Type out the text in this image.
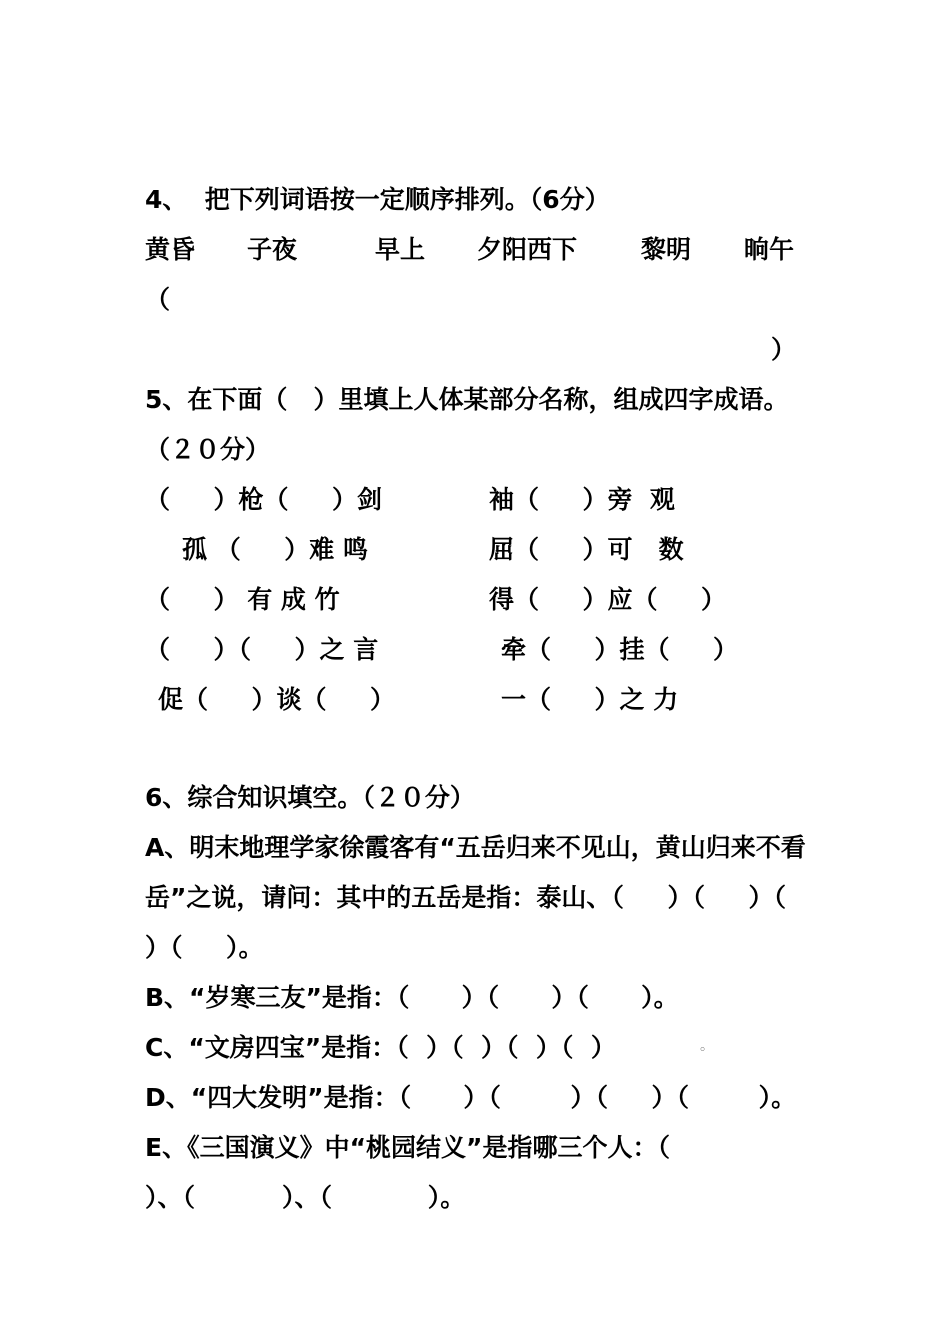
4、  把下列词语按一定顺序排列。（6分）
黄昏 子夜	早上 夕阳西下	黎明 晌午
（
）
5、在下面（   ）里填上人体某部分名称，组成四字成语。
（２０分）
（     ）枪（     ）剑	袖（     ）旁  观
孤 （     ）难 鸣	屈（     ）可   数
（     ） 有 成 竹	得（     ）应（     ）
（     ）（     ）之 言	牵（     ）挂（     ）
促（     ）谈（     ）	一（     ）之 力
6、综合知识填空。（２０分）
A、明末地理学家徐霞客有“五岳归来不见山，黄山归来不看
岳”之说，请问：其中的五岳是指：泰山、（     ）（     ）（
）（     ）。
B、“岁寒三友”是指：（      ）（      ）（      ）。
C、“文房四宝”是指：（  ）（  ）（  ）（  ）	。
D、“四大发明”是指：（      ）（        ）（     ）（        ）。
E、《三国演义》中“桃园结义”是指哪三个人：（
）、（          ）、（           ）。
